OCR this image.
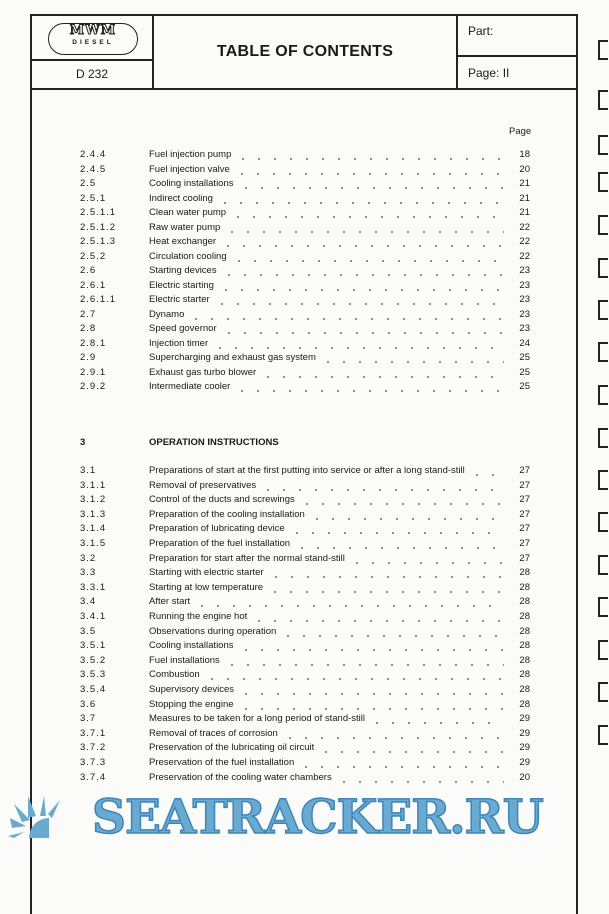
MWM
DIESEL
D 232
TABLE OF CONTENTS
Part:
Page: II
Page
2.4.4	Fuel injection pump	18
2.4.5	Fuel injection valve	20
2.5	Cooling installations	21
2.5.1	Indirect cooling	21
2.5.1.1	Clean water pump	21
2.5.1.2	Raw water pump	22
2.5.1.3	Heat exchanger	22
2.5.2	Circulation cooling	22
2.6	Starting devices	23
2.6.1	Electric starting	23
2.6.1.1	Electric starter	23
2.7	Dynamo	23
2.8	Speed governor	23
2.8.1	Injection timer	24
2.9	Supercharging and exhaust gas system	25
2.9.1	Exhaust gas turbo blower	25
2.9.2	Intermediate cooler	25
3	OPERATION INSTRUCTIONS
3.1	Preparations of start at the first putting into service or after a long stand-still	27
3.1.1	Removal of preservatives	27
3.1.2	Control of the ducts and screwings	27
3.1.3	Preparation of the cooling installation	27
3.1.4	Preparation of lubricating device	27
3.1.5	Preparation of the fuel installation	27
3.2	Preparation for start after the normal stand-still	27
3.3	Starting with electric starter	28
3.3.1	Starting at low temperature	28
3.4	After start	28
3.4.1	Running the engine hot	28
3.5	Observations during operation	28
3.5.1	Cooling installations	28
3.5.2	Fuel installations	28
3.5.3	Combustion	28
3.5.4	Supervisory devices	28
3.6	Stopping the engine	28
3.7	Measures to be taken for a long period of stand-still	29
3.7.1	Removal of traces of corrosion	29
3.7.2	Preservation of the lubricating oil circuit	29
3.7.3	Preservation of the fuel installation	29
3.7.4	Preservation of the cooling water chambers	20
SEATRACKER.RU
